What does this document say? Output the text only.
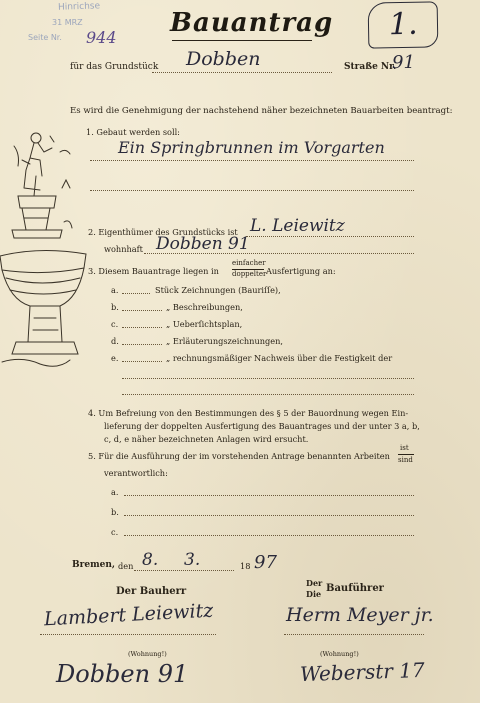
Hinrichse
31 MRZ
Seite Nr. 944 Bauantrag 1.
für das Grundstück Dobben	Straße Nr.
91
Es wird die Genehmigung der nachstehend näher bezeichneten Bauarbeiten beantragt:
1. Gebaut werden soll:
Ein Springbrunnen im Vorgarten
2. Eigenthümer des Grundstücks ist L. Leiewitz
wohnhaft Dobben 91
3. Diesem Bauantrage liegen in
einfacher
doppelter Ausfertigung an:
a.	Stück Zeichnungen (Bauriſſe),
b.	„ Beschreibungen,
c.	„ Ueberſichtsplan,
d.	„ Erläuterungszeichnungen,
e.	„ rechnungsmäßiger Nachweis über die Festigkeit der
4. Um Befreiung von den Bestimmungen des § 5 der Bauordnung wegen Ein-
lieferung der doppelten Ausfertigung des Bauantrages und der unter 3 a, b,
c, d, e näher bezeichneten Anlagen wird ersucht.
5. Für die Ausführung der im vorstehenden Antrage benannten Arbeiten
ist
sind
verantwortlich:
a.
b.
c.
Bremen, den 8. 3.	18 97
Der Bauherr
Lambert Leiewitz
(Wohnung!)
Dobben 91
Der
Die Bauführer
Herm Meyer jr.
(Wohnung!)
Weberstr 17
